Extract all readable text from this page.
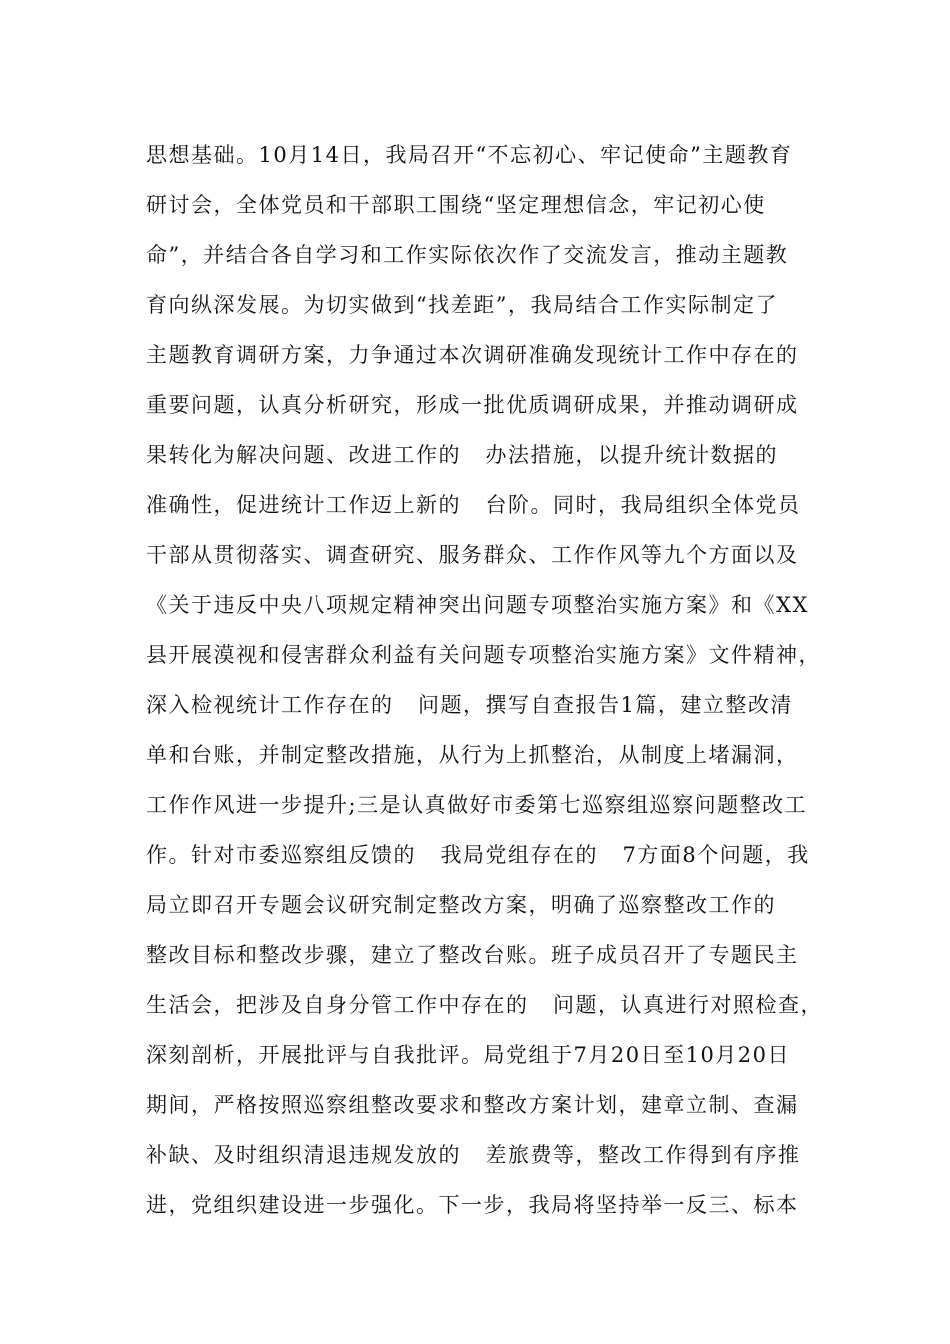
思想基础。10月14日，我局召开“不忘初心、牢记使命”主题教育
研讨会，全体党员和干部职工围绕“坚定理想信念，牢记初心使
命”，并结合各自学习和工作实际依次作了交流发言，推动主题教
育向纵深发展。为切实做到“找差距”，我局结合工作实际制定了
主题教育调研方案，力争通过本次调研准确发现统计工作中存在的
重要问题，认真分析研究，形成一批优质调研成果，并推动调研成
果转化为解决问题、改进工作的   办法措施，以提升统计数据的
准确性，促进统计工作迈上新的   台阶。同时，我局组织全体党员
干部从贯彻落实、调查研究、服务群众、工作作风等九个方面以及
《关于违反中央八项规定精神突出问题专项整治实施方案》和《XX
县开展漠视和侵害群众利益有关问题专项整治实施方案》文件精神，
深入检视统计工作存在的   问题，撰写自查报告1篇，建立整改清
单和台账，并制定整改措施，从行为上抓整治，从制度上堵漏洞，
工作作风进一步提升;三是认真做好市委第七巡察组巡察问题整改工
作。针对市委巡察组反馈的   我局党组存在的   7方面8个问题，我
局立即召开专题会议研究制定整改方案，明确了巡察整改工作的
整改目标和整改步骤，建立了整改台账。班子成员召开了专题民主
生活会，把涉及自身分管工作中存在的   问题，认真进行对照检查，
深刻剖析，开展批评与自我批评。局党组于7月20日至10月20日
期间，严格按照巡察组整改要求和整改方案计划，建章立制、查漏
补缺、及时组织清退违规发放的   差旅费等，整改工作得到有序推
进，党组织建设进一步强化。下一步，我局将坚持举一反三、标本
